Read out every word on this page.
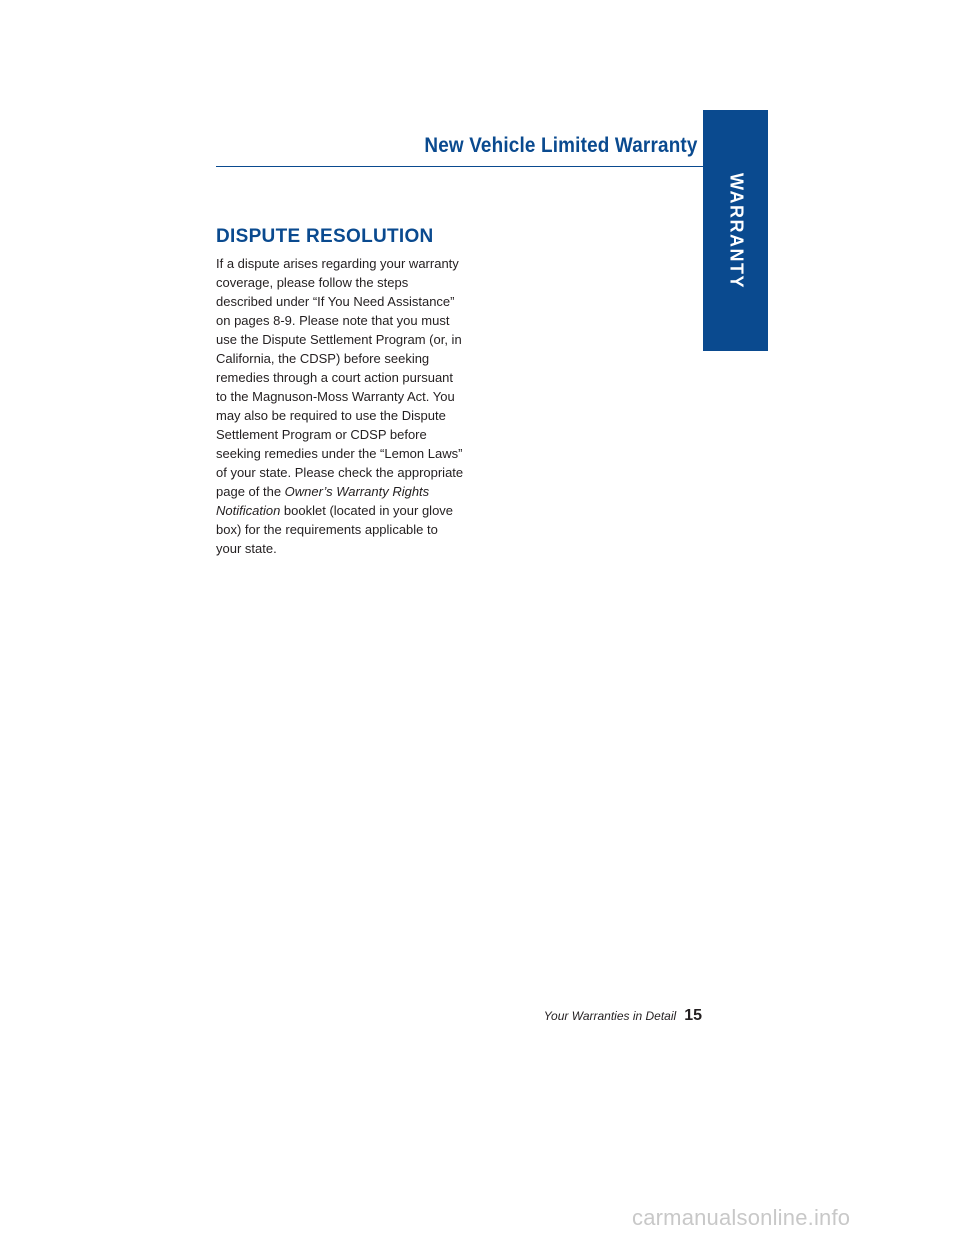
New Vehicle Limited Warranty
WARRANTY
DISPUTE RESOLUTION

If a dispute arises regarding your warranty
coverage, please follow the steps
described under “If You Need Assistance”
on pages 8-9. Please note that you must
use the Dispute Settlement Program (or, in
California, the CDSP) before seeking
remedies through a court action pursuant
to the Magnuson-Moss Warranty Act. You
may also be required to use the Dispute
Settlement Program or CDSP before
seeking remedies under the “Lemon Laws”
of your state. Please check the appropriate
page of the Owner’s Warranty Rights
Notification booklet (located in your glove
box) for the requirements applicable to
your state.

Your Warranties in Detail 15
carmanualsonline.info
